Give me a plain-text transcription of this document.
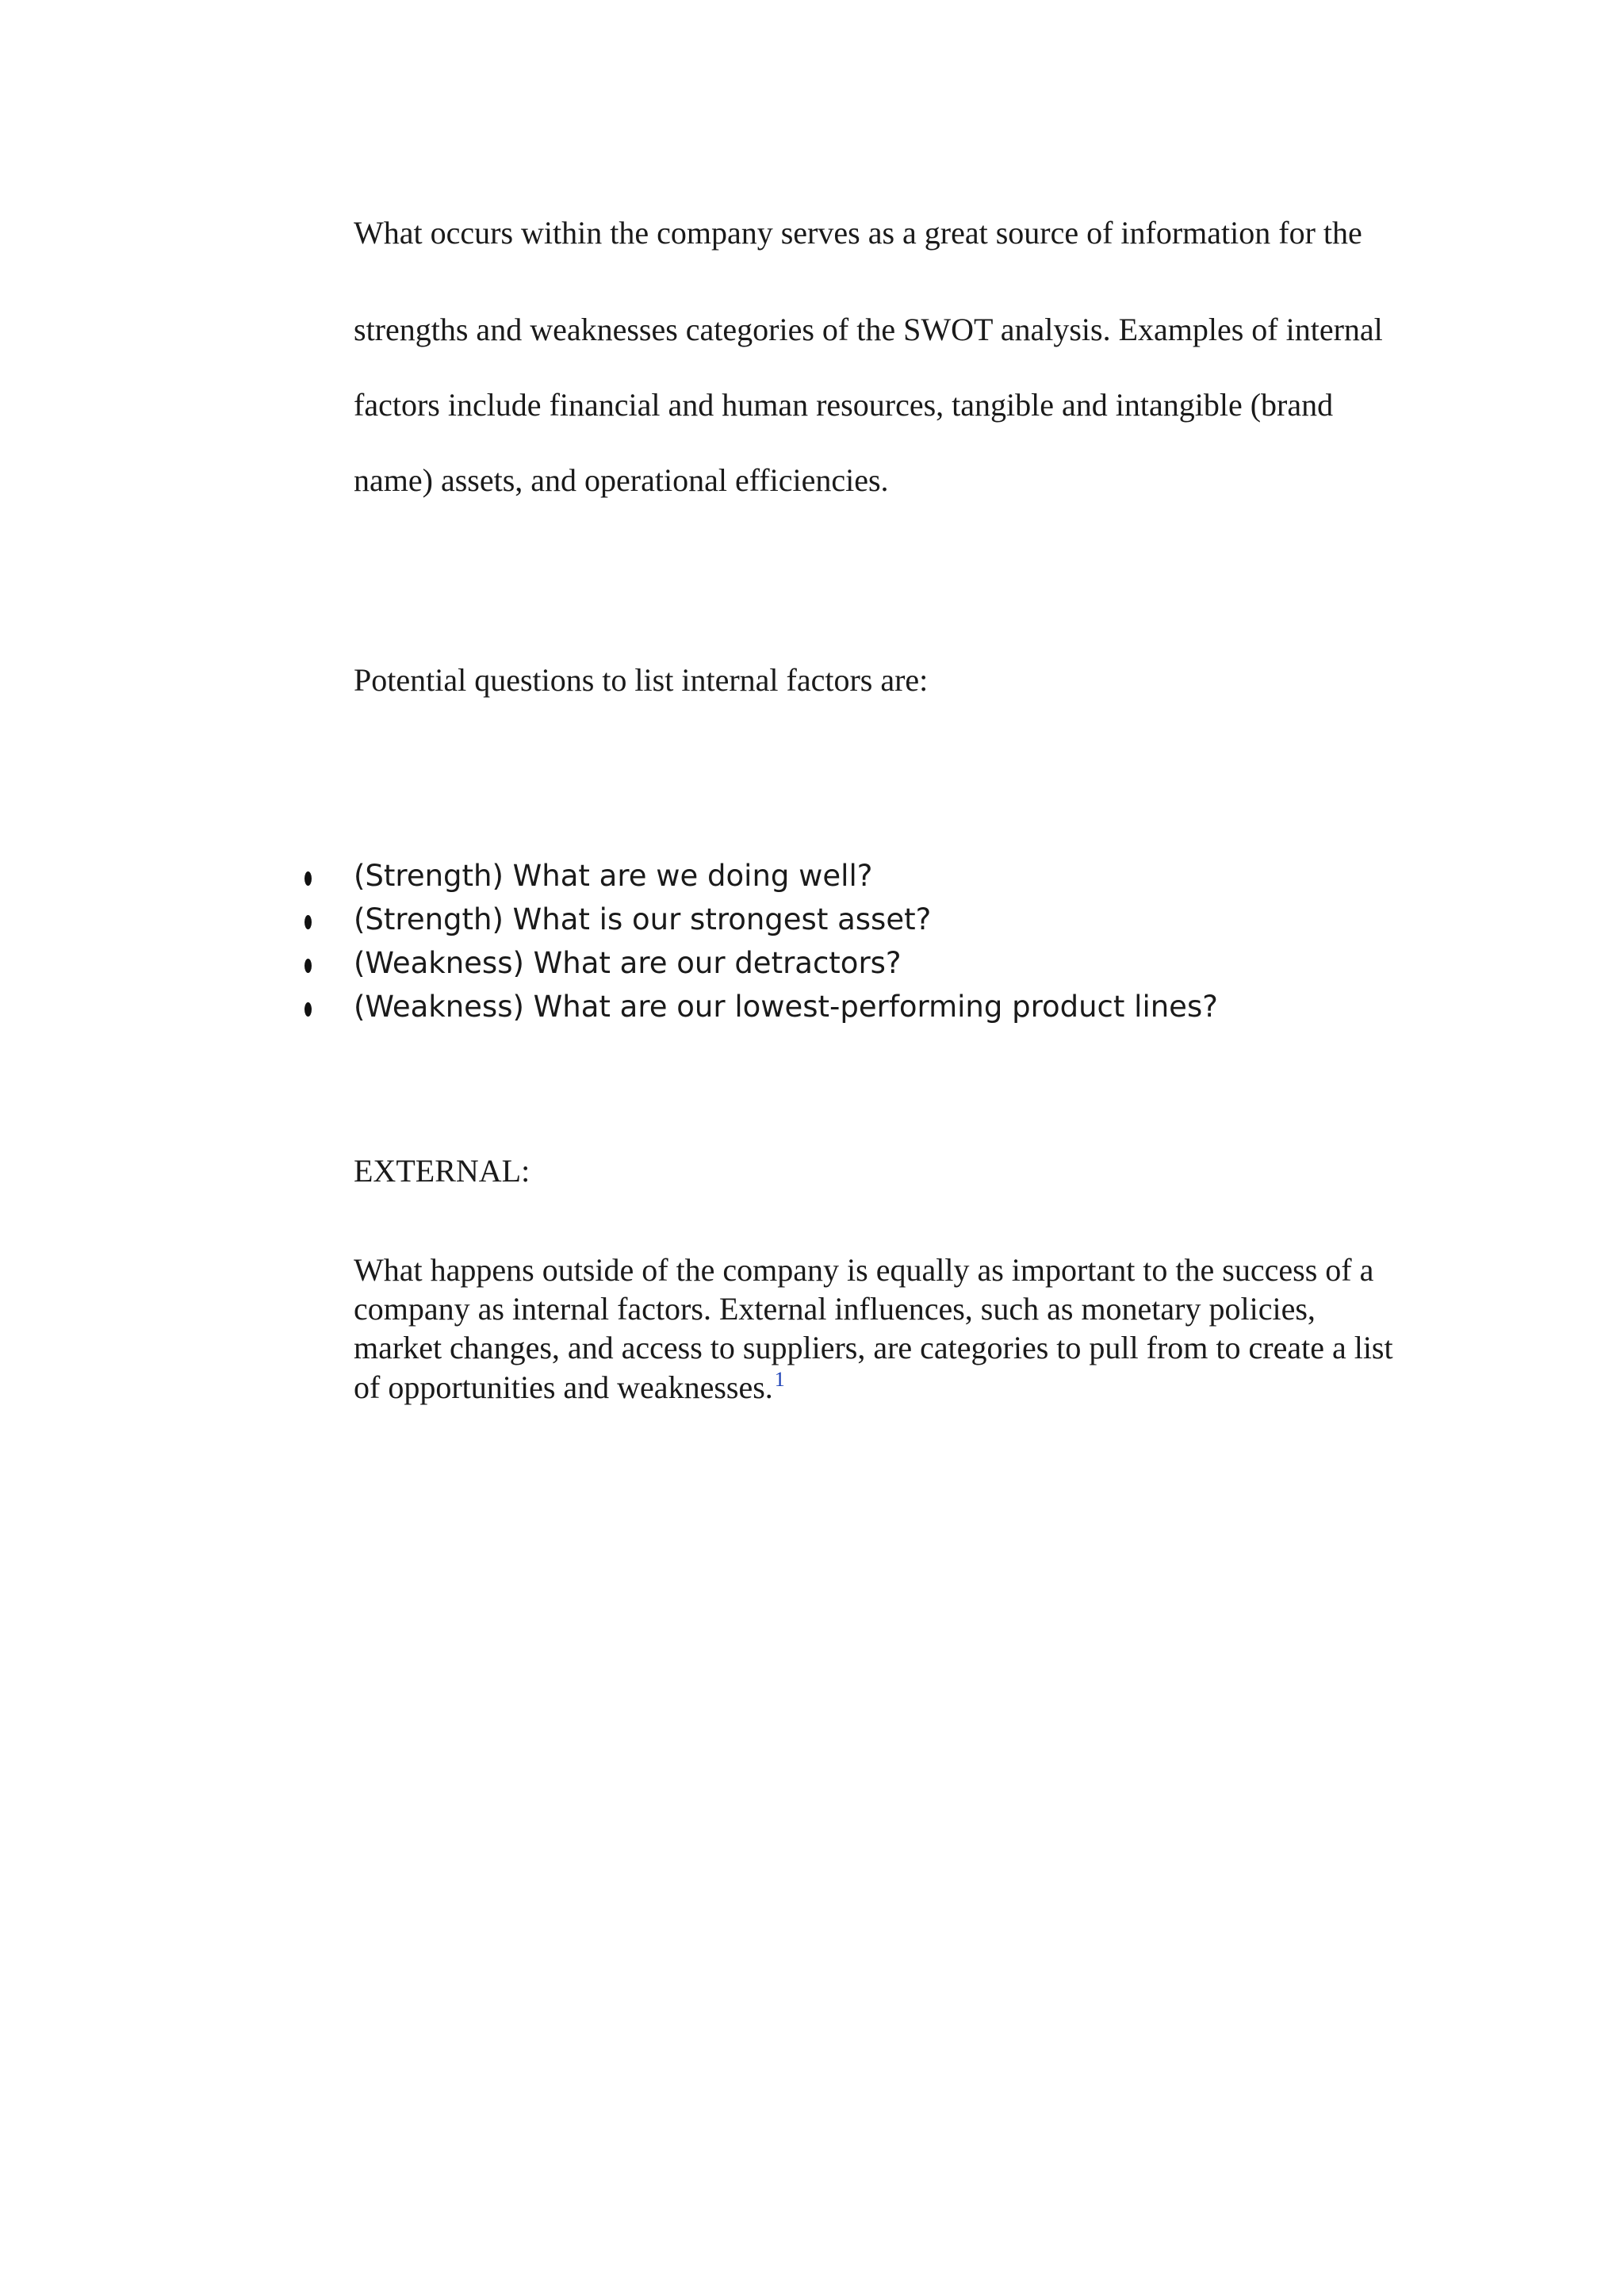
What occurs within the company serves as a great source of information for the
strengths and weaknesses categories of the SWOT analysis. Examples of internal
factors include financial and human resources, tangible and intangible (brand
name) assets, and operational efficiencies.
Potential questions to list internal factors are:
(Strength) What are we doing well?
(Strength) What is our strongest asset?
(Weakness) What are our detractors?
(Weakness) What are our lowest-performing product lines?
EXTERNAL:
What happens outside of the company is equally as important to the success of a
company as internal factors. External influences, such as monetary policies,
market changes, and access to suppliers, are categories to pull from to create a list
of opportunities and weaknesses.$^1$
